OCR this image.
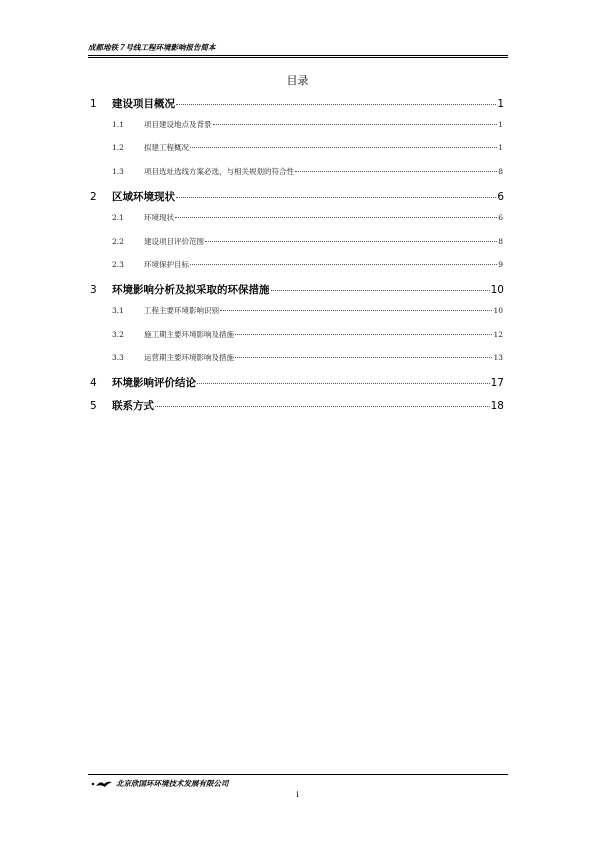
成都地铁７号线工程环境影响报告简本
目录
1	建设项目概况	1
1.1	项目建设地点及背景	1
1.2	拟建工程概况	1
1.3	项目选址选线方案必选，与相关规划的符合性	8
2	区域环境现状	6
2.1	环境现状	6
2.2	建设项目评价范围	8
2.3	环境保护目标	9
3	环境影响分析及拟采取的环保措施	10
3.1	工程主要环境影响识别	10
3.2	施工期主要环境影响及措施	12
3.3	运营期主要环境影响及措施	13
4	环境影响评价结论	17
5	联系方式	18
北京欣国环环境技术发展有限公司
i
